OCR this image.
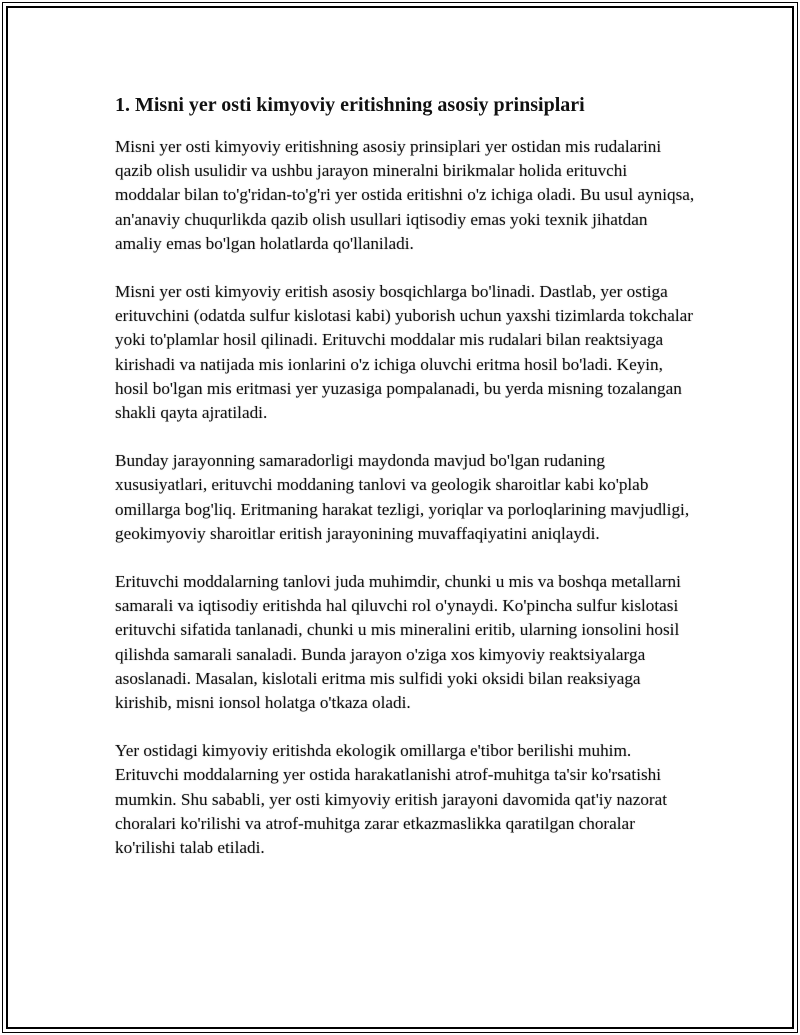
1. Misni yer osti kimyoviy eritishning asosiy prinsiplari

Misni yer osti kimyoviy eritishning asosiy prinsiplari yer ostidan mis rudalarini qazib olish usulidir va ushbu jarayon mineralni birikmalar holida erituvchi moddalar bilan to'g'ridan-to'g'ri yer ostida eritishni o'z ichiga oladi. Bu usul ayniqsa, an'anaviy chuqurlikda qazib olish usullari iqtisodiy emas yoki texnik jihatdan amaliy emas bo'lgan holatlarda qo'llaniladi.

Misni yer osti kimyoviy eritish asosiy bosqichlarga bo'linadi. Dastlab, yer ostiga erituvchini (odatda sulfur kislotasi kabi) yuborish uchun yaxshi tizimlarda tokchalar yoki to'plamlar hosil qilinadi. Erituvchi moddalar mis rudalari bilan reaktsiyaga kirishadi va natijada mis ionlarini o'z ichiga oluvchi eritma hosil bo'ladi. Keyin, hosil bo'lgan mis eritmasi yer yuzasiga pompalanadi, bu yerda misning tozalangan shakli qayta ajratiladi.

Bunday jarayonning samaradorligi maydonda mavjud bo'lgan rudaning xususiyatlari, erituvchi moddaning tanlovi va geologik sharoitlar kabi ko'plab omillarga bog'liq. Eritmaning harakat tezligi, yoriqlar va porloqlarining mavjudligi, geokimyoviy sharoitlar eritish jarayonining muvaffaqiyatini aniqlaydi.

Erituvchi moddalarning tanlovi juda muhimdir, chunki u mis va boshqa metallarni samarali va iqtisodiy eritishda hal qiluvchi rol o'ynaydi. Ko'pincha sulfur kislotasi erituvchi sifatida tanlanadi, chunki u mis mineralini eritib, ularning ionsolini hosil qilishda samarali sanaladi. Bunda jarayon o'ziga xos kimyoviy reaktsiyalarga asoslanadi. Masalan, kislotali eritma mis sulfidi yoki oksidi bilan reaksiyaga kirishib, misni ionsol holatga o'tkaza oladi.

Yer ostidagi kimyoviy eritishda ekologik omillarga e'tibor berilishi muhim. Erituvchi moddalarning yer ostida harakatlanishi atrof-muhitga ta'sir ko'rsatishi mumkin. Shu sababli, yer osti kimyoviy eritish jarayoni davomida qat'iy nazorat choralari ko'rilishi va atrof-muhitga zarar etkazmaslikka qaratilgan choralar ko'rilishi talab etiladi.
